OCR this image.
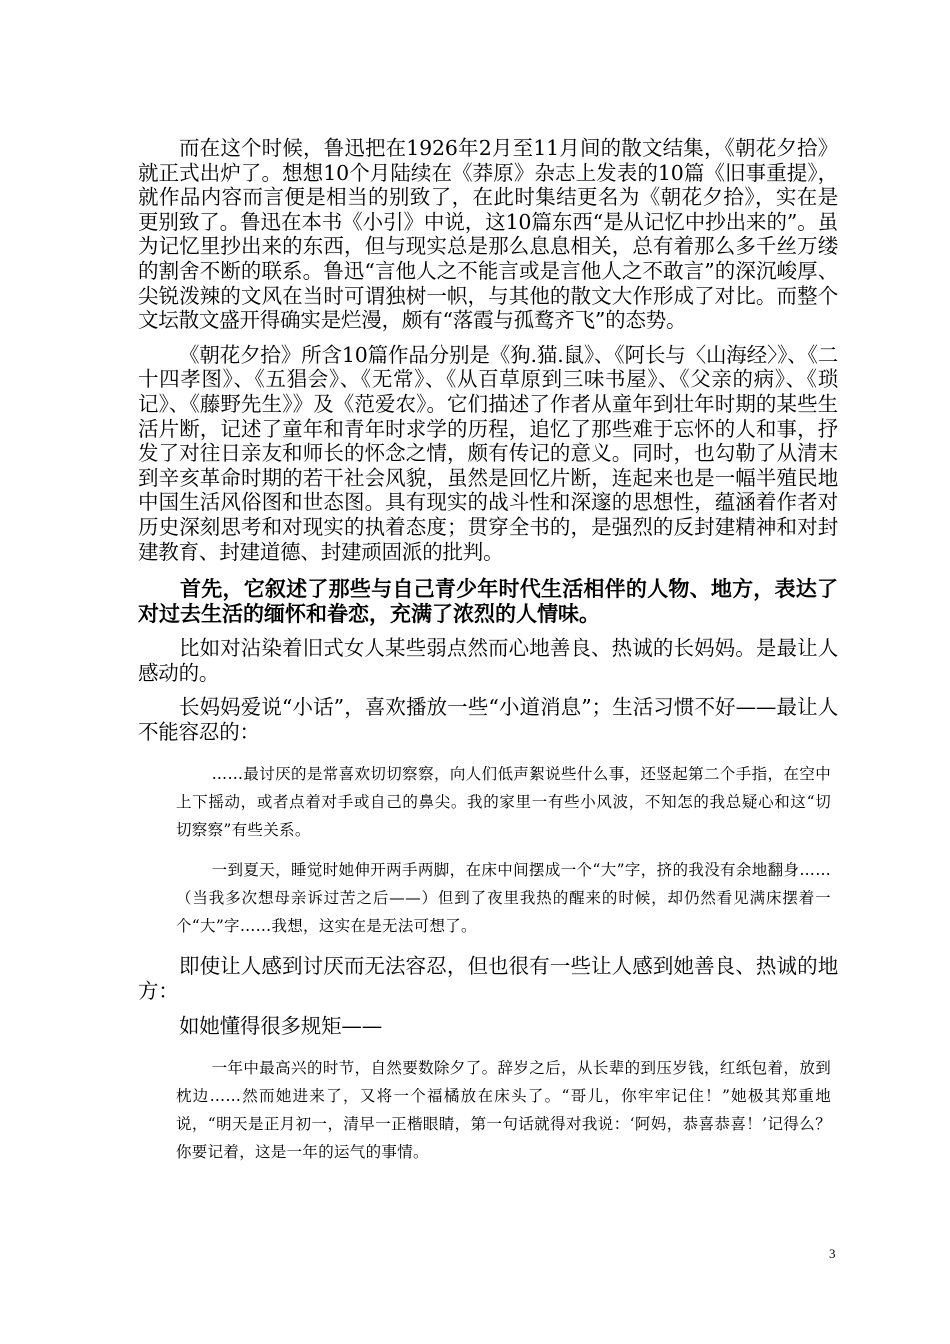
而在这个时候，鲁迅把在1926年2月至11月间的散文结集，《朝花夕拾》就正式出炉了。想想10个月陆续在《莽原》杂志上发表的10篇《旧事重提》，就作品内容而言便是相当的别致了，在此时集结更名为《朝花夕拾》，实在是更别致了。鲁迅在本书《小引》中说，这10篇东西“是从记忆中抄出来的”。虽为记忆里抄出来的东西，但与现实总是那么息息相关，总有着那么多千丝万缕的割舍不断的联系。鲁迅“言他人之不能言或是言他人之不敢言”的深沉峻厚、尖锐泼辣的文风在当时可谓独树一帜，与其他的散文大作形成了对比。而整个文坛散文盛开得确实是烂漫，颇有“落霞与孤鹜齐飞”的态势。

《朝花夕拾》所含10篇作品分别是《狗.猫.鼠》、《阿长与〈山海经〉》、《二十四孝图》、《五猖会》、《无常》、《从百草原到三味书屋》、《父亲的病》、《琐记》、《藤野先生》》及《范爱农》。它们描述了作者从童年到壮年时期的某些生活片断，记述了童年和青年时求学的历程，追忆了那些难于忘怀的人和事，抒发了对往日亲友和师长的怀念之情，颇有传记的意义。同时，也勾勒了从清末到辛亥革命时期的若干社会风貌，虽然是回忆片断，连起来也是一幅半殖民地中国生活风俗图和世态图。具有现实的战斗性和深邃的思想性，蕴涵着作者对历史深刻思考和对现实的执着态度；贯穿全书的，是强烈的反封建精神和对封建教育、封建道德、封建顽固派的批判。

首先，它叙述了那些与自己青少年时代生活相伴的人物、地方，表达了对过去生活的缅怀和眷恋，充满了浓烈的人情味。

比如对沾染着旧式女人某些弱点然而心地善良、热诚的长妈妈。是最让人感动的。

长妈妈爱说“小话”，喜欢播放一些“小道消息”；生活习惯不好——最让人不能容忍的：

……最讨厌的是常喜欢切切察察，向人们低声絮说些什么事，还竖起第二个手指，在空中上下摇动，或者点着对手或自己的鼻尖。我的家里一有些小风波，不知怎的我总疑心和这“切切察察”有些关系。

一到夏天，睡觉时她伸开两手两脚，在床中间摆成一个“大”字，挤的我没有余地翻身……（当我多次想母亲诉过苦之后——）但到了夜里我热的醒来的时候，却仍然看见满床摆着一个“大”字……我想，这实在是无法可想了。

即使让人感到讨厌而无法容忍，但也很有一些让人感到她善良、热诚的地方：

如她懂得很多规矩——

一年中最高兴的时节，自然要数除夕了。辞岁之后，从长辈的到压岁钱，红纸包着，放到枕边……然而她进来了，又将一个福橘放在床头了。“哥儿，你牢牢记住！”她极其郑重地说，“明天是正月初一，清早一正楷眼睛，第一句话就得对我说：‘阿妈，恭喜恭喜！’记得么？你要记着，这是一年的运气的事情。

3
